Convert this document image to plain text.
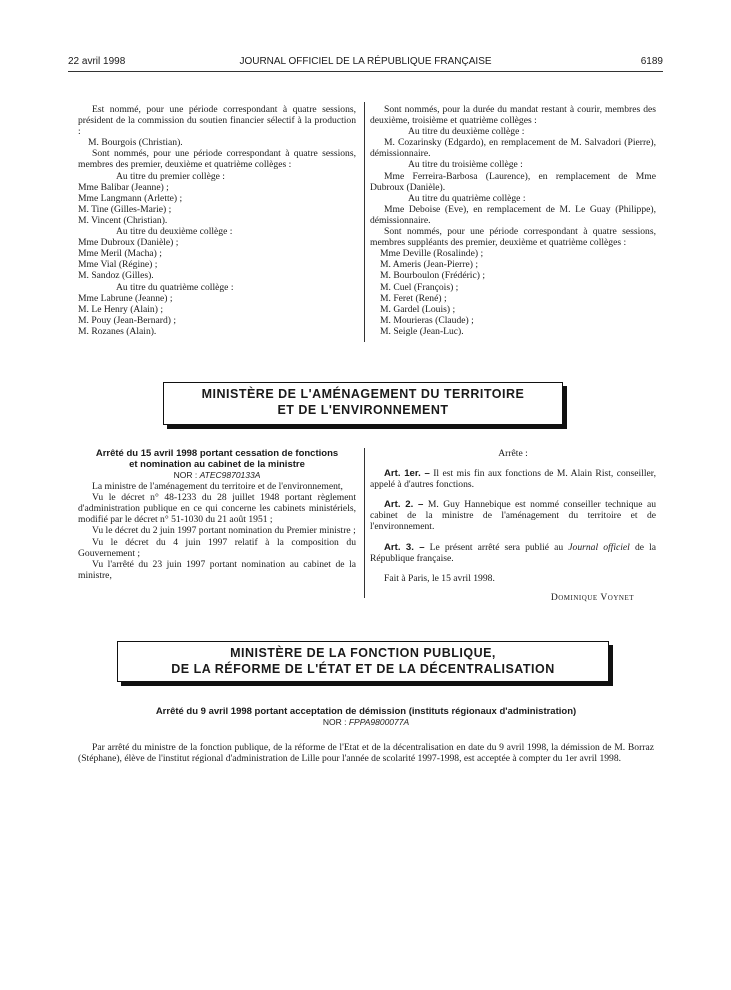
22 avril 1998	JOURNAL OFFICIEL DE LA RÉPUBLIQUE FRANÇAISE	6189

Est nommé, pour une période correspondant à quatre sessions, président de la commission du soutien financier sélectif à la production :

M. Bourgois (Christian).

Sont nommés, pour une période correspondant à quatre sessions, membres des premier, deuxième et quatrième collèges :

Au titre du premier collège :

Mme Balibar (Jeanne) ;

Mme Langmann (Arlette) ;

M. Tine (Gilles-Marie) ;

M. Vincent (Christian).

Au titre du deuxième collège :

Mme Dubroux (Danièle) ;

Mme Meril (Macha) ;

Mme Vial (Régine) ;

M. Sandoz (Gilles).

Au titre du quatrième collège :

Mme Labrune (Jeanne) ;

M. Le Henry (Alain) ;

M. Pouy (Jean-Bernard) ;

M. Rozanes (Alain).

Sont nommés, pour la durée du mandat restant à courir, membres des deuxième, troisième et quatrième collèges :

Au titre du deuxième collège :

M. Cozarinsky (Edgardo), en remplacement de M. Salvadori (Pierre), démissionnaire.

Au titre du troisième collège :

Mme Ferreira-Barbosa (Laurence), en remplacement de Mme Dubroux (Danièle).

Au titre du quatrième collège :

Mme Deboise (Eve), en remplacement de M. Le Guay (Philippe), démissionnaire.

Sont nommés, pour une période correspondant à quatre sessions, membres suppléants des premier, deuxième et quatrième collèges :

Mme Deville (Rosalinde) ;

M. Ameris (Jean-Pierre) ;

M. Bourboulon (Frédéric) ;

M. Cuel (François) ;

M. Feret (René) ;

M. Gardel (Louis) ;

M. Mourieras (Claude) ;

M. Seigle (Jean-Luc).

MINISTÈRE DE L'AMÉNAGEMENT DU TERRITOIRE
ET DE L'ENVIRONNEMENT

Arrêté du 15 avril 1998 portant cessation de fonctions

et nomination au cabinet de la ministre

NOR : ATEC9870133A

La ministre de l'aménagement du territoire et de l'environnement,

Vu le décret n° 48-1233 du 28 juillet 1948 portant règlement d'administration publique en ce qui concerne les cabinets ministériels, modifié par le décret n° 51-1030 du 21 août 1951 ;

Vu le décret du 2 juin 1997 portant nomination du Premier ministre ;

Vu le décret du 4 juin 1997 relatif à la composition du Gouvernement ;

Vu l'arrêté du 23 juin 1997 portant nomination au cabinet de la ministre,

Arrête :

Art. 1er. – Il est mis fin aux fonctions de M. Alain Rist, conseiller, appelé à d'autres fonctions.

Art. 2. – M. Guy Hannebique est nommé conseiller technique au cabinet de la ministre de l'aménagement du territoire et de l'environnement.

Art. 3. – Le présent arrêté sera publié au Journal officiel de la République française.

Fait à Paris, le 15 avril 1998.

Dominique Voynet

MINISTÈRE DE LA FONCTION PUBLIQUE,
DE LA RÉFORME DE L'ÉTAT ET DE LA DÉCENTRALISATION

Arrêté du 9 avril 1998 portant acceptation de démission (instituts régionaux d'administration)

NOR : FPPA9800077A

Par arrêté du ministre de la fonction publique, de la réforme de l'Etat et de la décentralisation en date du 9 avril 1998, la démission de M. Borraz (Stéphane), élève de l'institut régional d'administration de Lille pour l'année de scolarité 1997-1998, est acceptée à compter du 1er avril 1998.
